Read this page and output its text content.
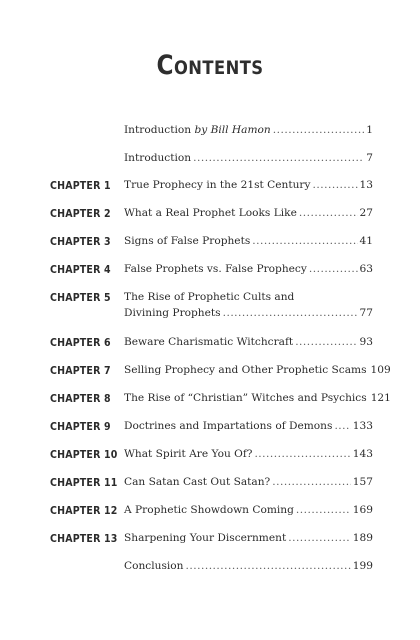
Contents
Introduction by Bill Hamon .....	1
Introduction .....	7
CHAPTER 1 True Prophecy in the 21st Century .....	13
CHAPTER 2 What a Real Prophet Looks Like .....	27
CHAPTER 3 Signs of False Prophets .....	41
CHAPTER 4 False Prophets vs. False Prophecy .....	63
CHAPTER 5 The Rise of Prophetic Cults and
Divining Prophets .....	77
CHAPTER 6 Beware Charismatic Witchcraft .....	93
CHAPTER 7 Selling Prophecy and Other Prophetic Scams 109
CHAPTER 8 The Rise of “Christian” Witches and Psychics 121
CHAPTER 9 Doctrines and Impartations of Demons ..... 133
CHAPTER 10 What Spirit Are You Of? .....	143
CHAPTER 11 Can Satan Cast Out Satan? .....	157
CHAPTER 12 A Prophetic Showdown Coming .....	169
CHAPTER 13 Sharpening Your Discernment .....	189
Conclusion .....	199
